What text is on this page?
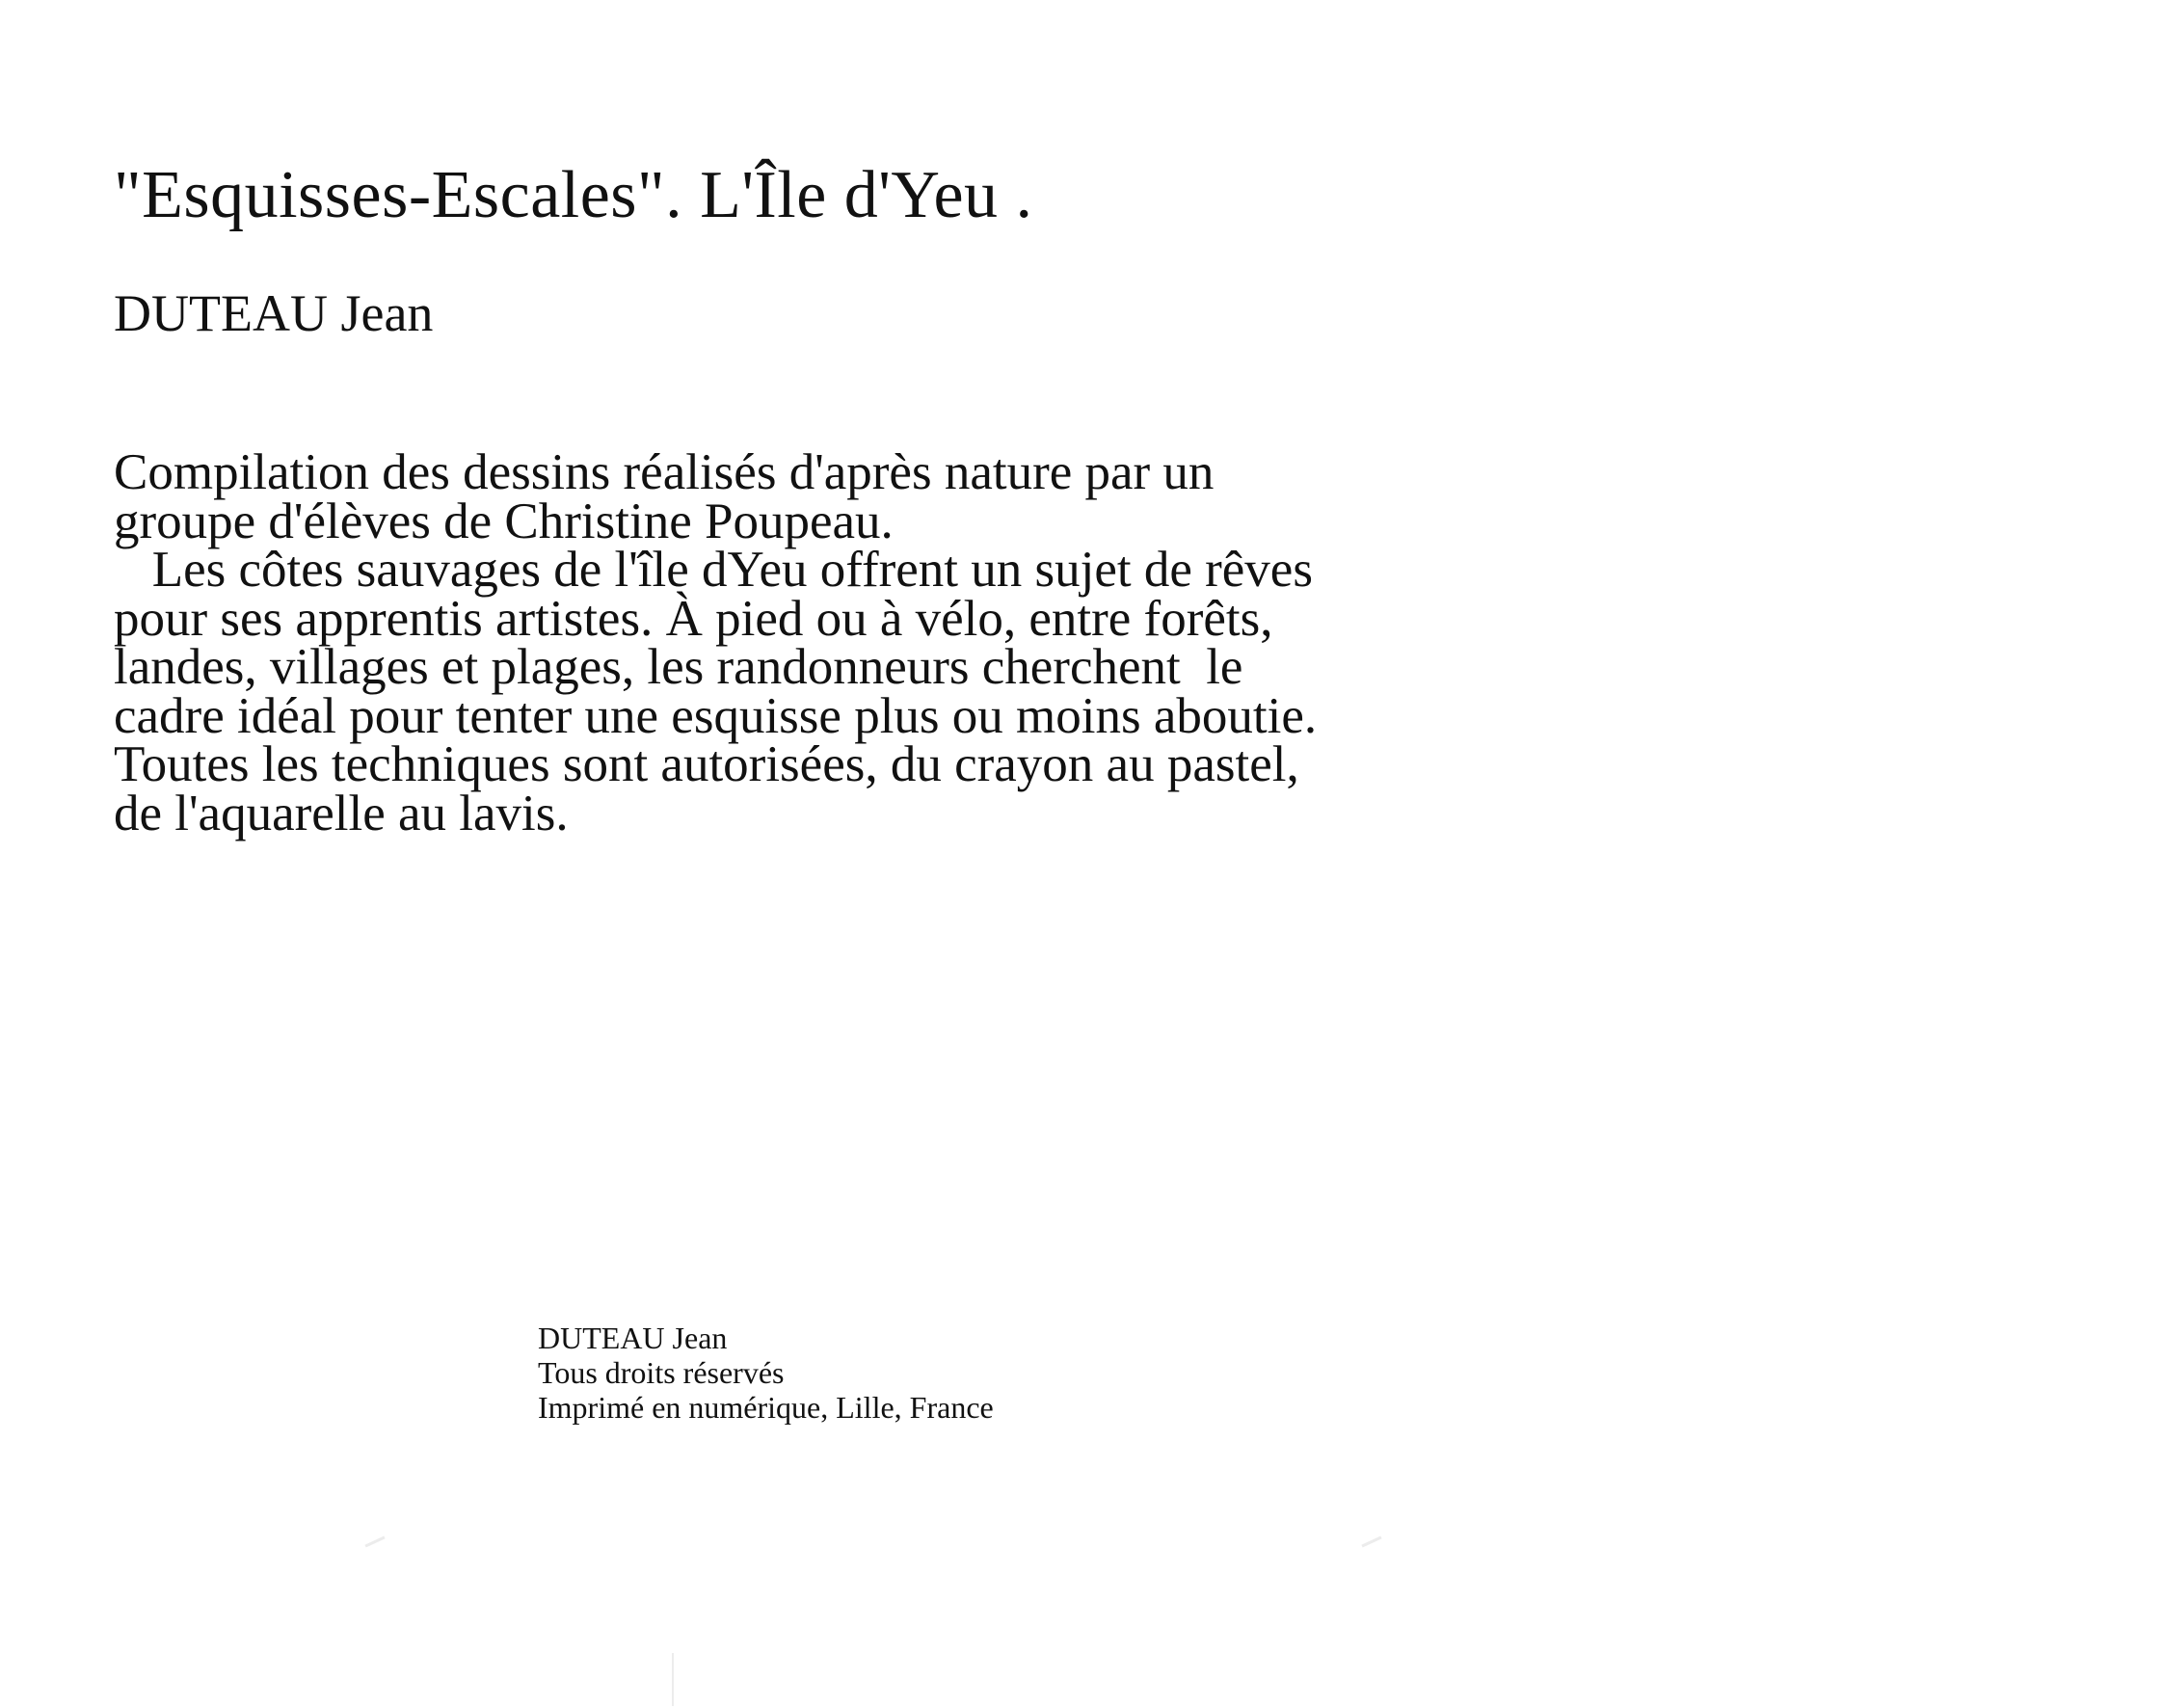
"Esquisses-Escales". L'Île d'Yeu .
DUTEAU Jean
Compilation des dessins réalisés d'après nature par un
groupe d'élèves de Christine Poupeau.
Les côtes sauvages de l'île dYeu offrent un sujet de rêves
pour ses apprentis artistes. À pied ou à vélo, entre forêts,
landes, villages et plages, les randonneurs cherchent  le
cadre idéal pour tenter une esquisse plus ou moins aboutie.
Toutes les techniques sont autorisées, du crayon au pastel,
de l'aquarelle au lavis.
DUTEAU Jean
Tous droits réservés
Imprimé en numérique, Lille, France
